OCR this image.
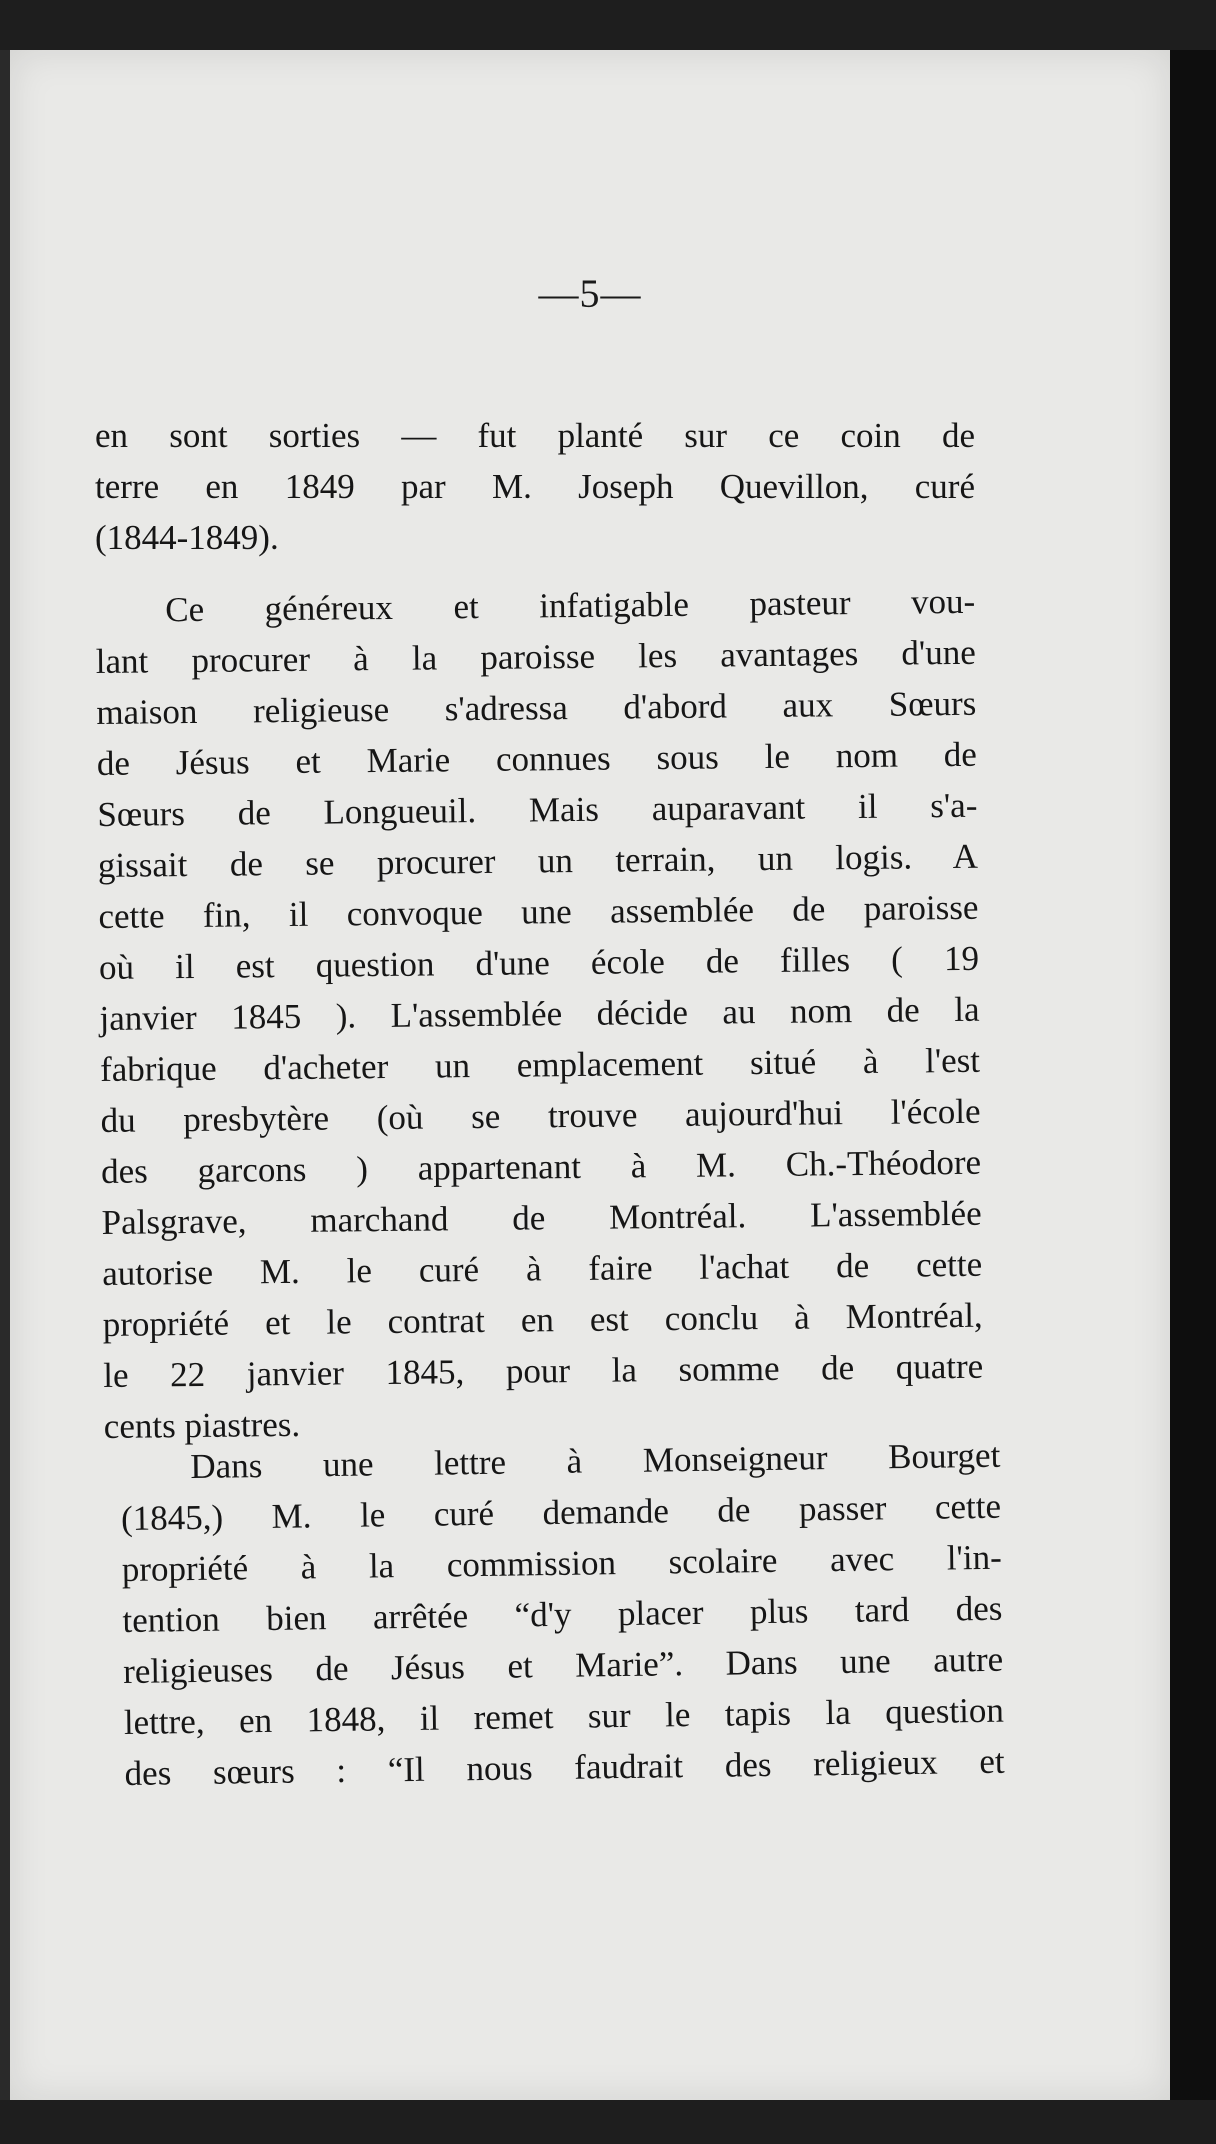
—5—
en sont sorties — fut planté sur ce coin de
terre en 1849 par M. Joseph Quevillon, curé
(1844-1849).
Ce généreux et infatigable pasteur vou-
lant procurer à la paroisse les avantages d'une
maison religieuse s'adressa d'abord aux Sœurs
de Jésus et Marie connues sous le nom de
Sœurs de Longueuil. Mais auparavant il s'a-
gissait de se procurer un terrain, un logis. A
cette fin, il convoque une assemblée de paroisse
où il est question d'une école de filles ( 19
janvier 1845 ). L'assemblée décide au nom de la
fabrique d'acheter un emplacement situé à l'est
du presbytère (où se trouve aujourd'hui l'école
des garcons ) appartenant à M. Ch.-Théodore
Palsgrave, marchand de Montréal. L'assemblée
autorise M. le curé à faire l'achat de cette
propriété et le contrat en est conclu à Montréal,
le 22 janvier 1845, pour la somme de quatre
cents piastres.
Dans une lettre à Monseigneur Bourget
(1845,) M. le curé demande de passer cette
propriété à la commission scolaire avec l'in-
tention bien arrêtée “d'y placer plus tard des
religieuses de Jésus et Marie”. Dans une autre
lettre, en 1848, il remet sur le tapis la question
des sœurs : “Il nous faudrait des religieux et
